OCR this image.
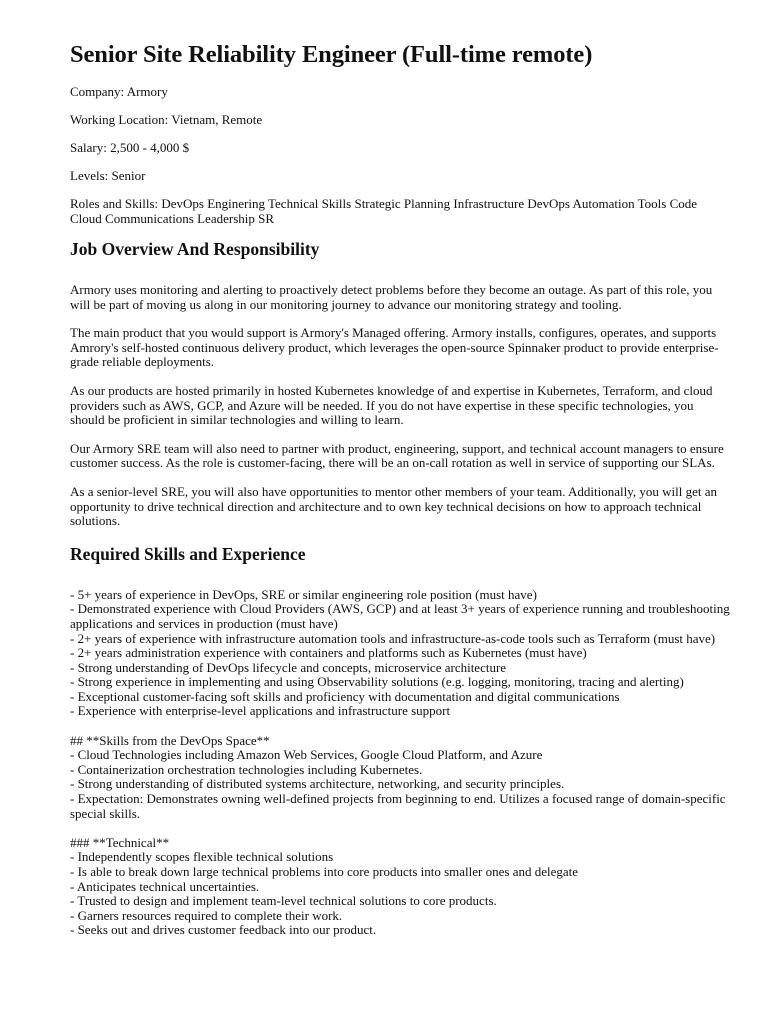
Senior Site Reliability Engineer (Full-time remote)

Company: Armory

Working Location: Vietnam, Remote

Salary: 2,500 - 4,000 $

Levels: Senior

Roles and Skills: DevOps Enginering Technical Skills Strategic Planning Infrastructure DevOps Automation Tools Code Cloud Communications Leadership SR

Job Overview And Responsibility

Armory uses monitoring and alerting to proactively detect problems before they become an outage. As part of this role, you will be part of moving us along in our monitoring journey to advance our monitoring strategy and tooling.

The main product that you would support is Armory's Managed offering. Armory installs, configures, operates, and supports Amrory's self-hosted continuous delivery product, which leverages the open-source Spinnaker product to provide enterprise-grade reliable deployments.

As our products are hosted primarily in hosted Kubernetes knowledge of and expertise in Kubernetes, Terraform, and cloud providers such as AWS, GCP, and Azure will be needed. If you do not have expertise in these specific technologies, you should be proficient in similar technologies and willing to learn.

Our Armory SRE team will also need to partner with product, engineering, support, and technical account managers to ensure customer success. As the role is customer-facing, there will be an on-call rotation as well in service of supporting our SLAs.

As a senior-level SRE, you will also have opportunities to mentor other members of your team. Additionally, you will get an opportunity to drive technical direction and architecture and to own key technical decisions on how to approach technical solutions.

Required Skills and Experience
- 5+ years of experience in DevOps, SRE or similar engineering role position (must have)
- Demonstrated experience with Cloud Providers (AWS, GCP) and at least 3+ years of experience running and troubleshooting applications and services in production (must have)
- 2+ years of experience with infrastructure automation tools and infrastructure-as-code tools such as Terraform (must have)
- 2+ years administration experience with containers and platforms such as Kubernetes (must have)
- Strong understanding of DevOps lifecycle and concepts, microservice architecture
- Strong experience in implementing and using Observability solutions (e.g. logging, monitoring, tracing and alerting)
- Exceptional customer-facing soft skills and proficiency with documentation and digital communications
- Experience with enterprise-level applications and infrastructure support
## **Skills from the DevOps Space**
- Cloud Technologies including Amazon Web Services, Google Cloud Platform, and Azure
- Containerization orchestration technologies including Kubernetes.
- Strong understanding of distributed systems architecture, networking, and security principles.
- Expectation: Demonstrates owning well-defined projects from beginning to end. Utilizes a focused range of domain-specific special skills.
### **Technical**
- Independently scopes flexible technical solutions
- Is able to break down large technical problems into core products into smaller ones and delegate
- Anticipates technical uncertainties.
- Trusted to design and implement team-level technical solutions to core products.
- Garners resources required to complete their work.
- Seeks out and drives customer feedback into our product.
